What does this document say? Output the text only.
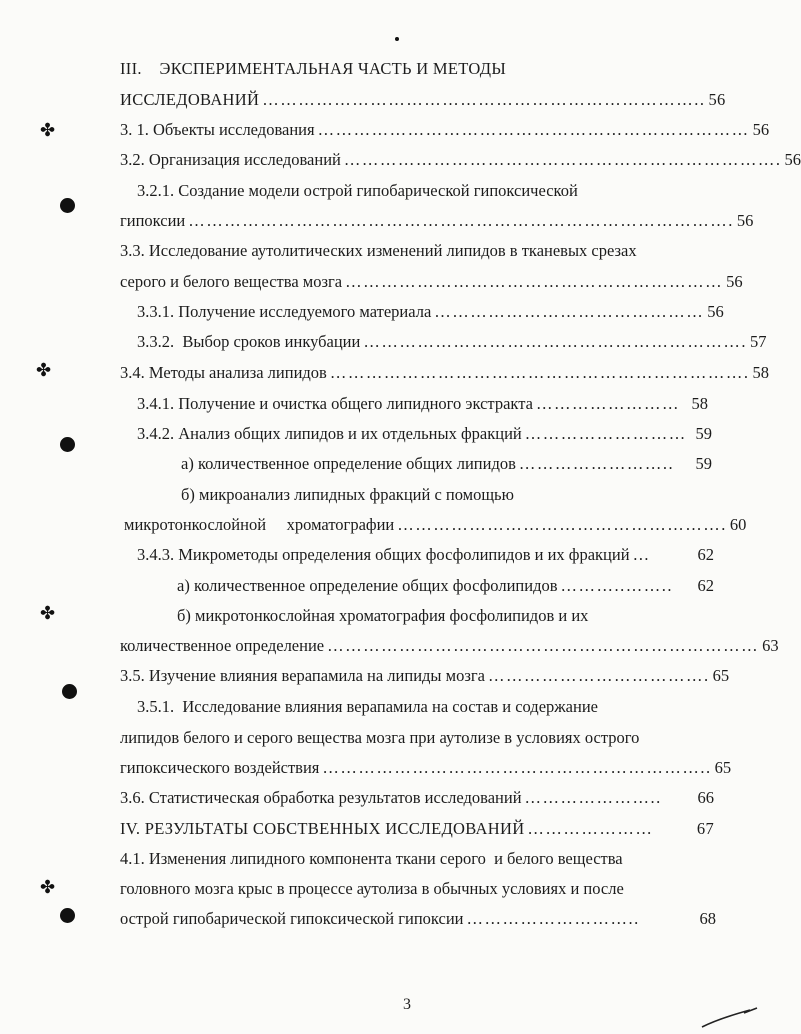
✤
✤
✤
✤
III.    ЭКСПЕРИМЕНТАЛЬНАЯ ЧАСТЬ И МЕТОДЫ
ИССЛЕДОВАНИЙ ……………………………………………………………….. 56
3. 1. Объекты исследования ……………………………………………………………… 56
3.2. Организация исследований ………………………………………………………………. 56
3.2.1. Создание модели острой гипобарической гипоксической
гипоксии ………………………………………………………………………………. 56
3.3. Исследование аутолитических изменений липидов в тканевых срезах
серого и белого вещества мозга ……………………………………………………… 56
3.3.1. Получение исследуемого материала ……………………………………… 56
3.3.2.  Выбор сроков инкубации ………………………………………………………. 57
3.4. Методы анализа липидов ……………………………………………………………. 58
3.4.1. Получение и очистка общего липидного экстракта …………………… 58
3.4.2. Анализ общих липидов и их отдельных фракций ……………………… 59
а) количественное определение общих липидов ……………………..	59
б) микроанализ липидных фракций с помощью
микротонкослойной     хроматографии ………………………………………………. 60
3.4.3. Микрометоды определения общих фосфолипидов и их фракций …	62
а) количественное определение общих фосфолипидов ………..……..	62
б) микротонкослойная хроматография фосфолипидов и их
количественное определение ……………………………………………………………… 63
3.5. Изучение влияния верапамила на липиды мозга ………………………………. 65
3.5.1.  Исследование влияния верапамила на состав и содержание
липидов белого и серого вещества мозга при аутолизе в условиях острого
гипоксического воздействия ……………………………………………………….. 65
3.6. Статистическая обработка результатов исследований …………………..	66
IV. РЕЗУЛЬТАТЫ СОБСТВЕННЫХ ИССЛЕДОВАНИЙ …………………	67
4.1. Изменения липидного компонента ткани серого  и белого вещества
головного мозга крыс в процессе аутолиза в обычных условиях и после
острой гипобарической гипоксической гипоксии ………………………..	68
3
